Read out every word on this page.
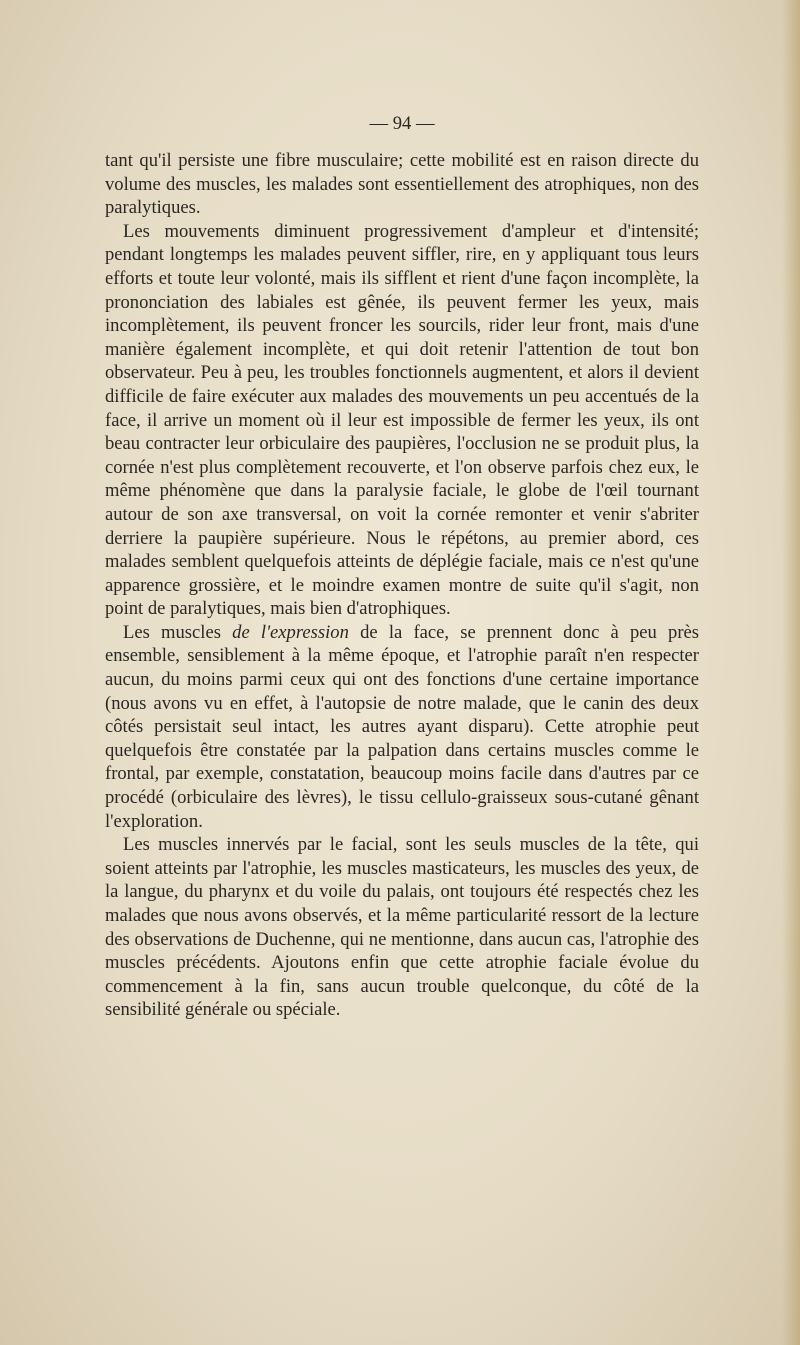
— 94 —

tant qu'il persiste une fibre musculaire; cette mobilité est en raison directe du volume des muscles, les malades sont essentiellement des atrophiques, non des paralytiques.

Les mouvements diminuent progressivement d'ampleur et d'intensité; pendant longtemps les malades peuvent siffler, rire, en y appliquant tous leurs efforts et toute leur volonté, mais ils sifflent et rient d'une façon incomplète, la prononciation des labiales est gênée, ils peuvent fermer les yeux, mais incomplètement, ils peuvent froncer les sourcils, rider leur front, mais d'une manière également incomplète, et qui doit retenir l'attention de tout bon observateur. Peu à peu, les troubles fonctionnels augmentent, et alors il devient difficile de faire exécuter aux malades des mouvements un peu accentués de la face, il arrive un moment où il leur est impossible de fermer les yeux, ils ont beau contracter leur orbiculaire des paupières, l'occlusion ne se produit plus, la cornée n'est plus complètement recouverte, et l'on observe parfois chez eux, le même phénomène que dans la paralysie faciale, le globe de l'œil tournant autour de son axe transversal, on voit la cornée remonter et venir s'abriter derriere la paupière supérieure. Nous le répétons, au premier abord, ces malades semblent quelquefois atteints de déplégie faciale, mais ce n'est qu'une apparence grossière, et le moindre examen montre de suite qu'il s'agit, non point de paralytiques, mais bien d'atrophiques.

Les muscles de l'expression de la face, se prennent donc à peu près ensemble, sensiblement à la même époque, et l'atrophie paraît n'en respecter aucun, du moins parmi ceux qui ont des fonctions d'une certaine importance (nous avons vu en effet, à l'autopsie de notre malade, que le canin des deux côtés persistait seul intact, les autres ayant disparu). Cette atrophie peut quelquefois être constatée par la palpation dans certains muscles comme le frontal, par exemple, constatation, beaucoup moins facile dans d'autres par ce procédé (orbiculaire des lèvres), le tissu cellulo-graisseux sous-cutané gênant l'exploration.

Les muscles innervés par le facial, sont les seuls muscles de la tête, qui soient atteints par l'atrophie, les muscles masticateurs, les muscles des yeux, de la langue, du pharynx et du voile du palais, ont toujours été respectés chez les malades que nous avons observés, et la même particularité ressort de la lecture des observations de Duchenne, qui ne mentionne, dans aucun cas, l'atrophie des muscles précédents. Ajoutons enfin que cette atrophie faciale évolue du commencement à la fin, sans aucun trouble quelconque, du côté de la sensibilité générale ou spéciale.
